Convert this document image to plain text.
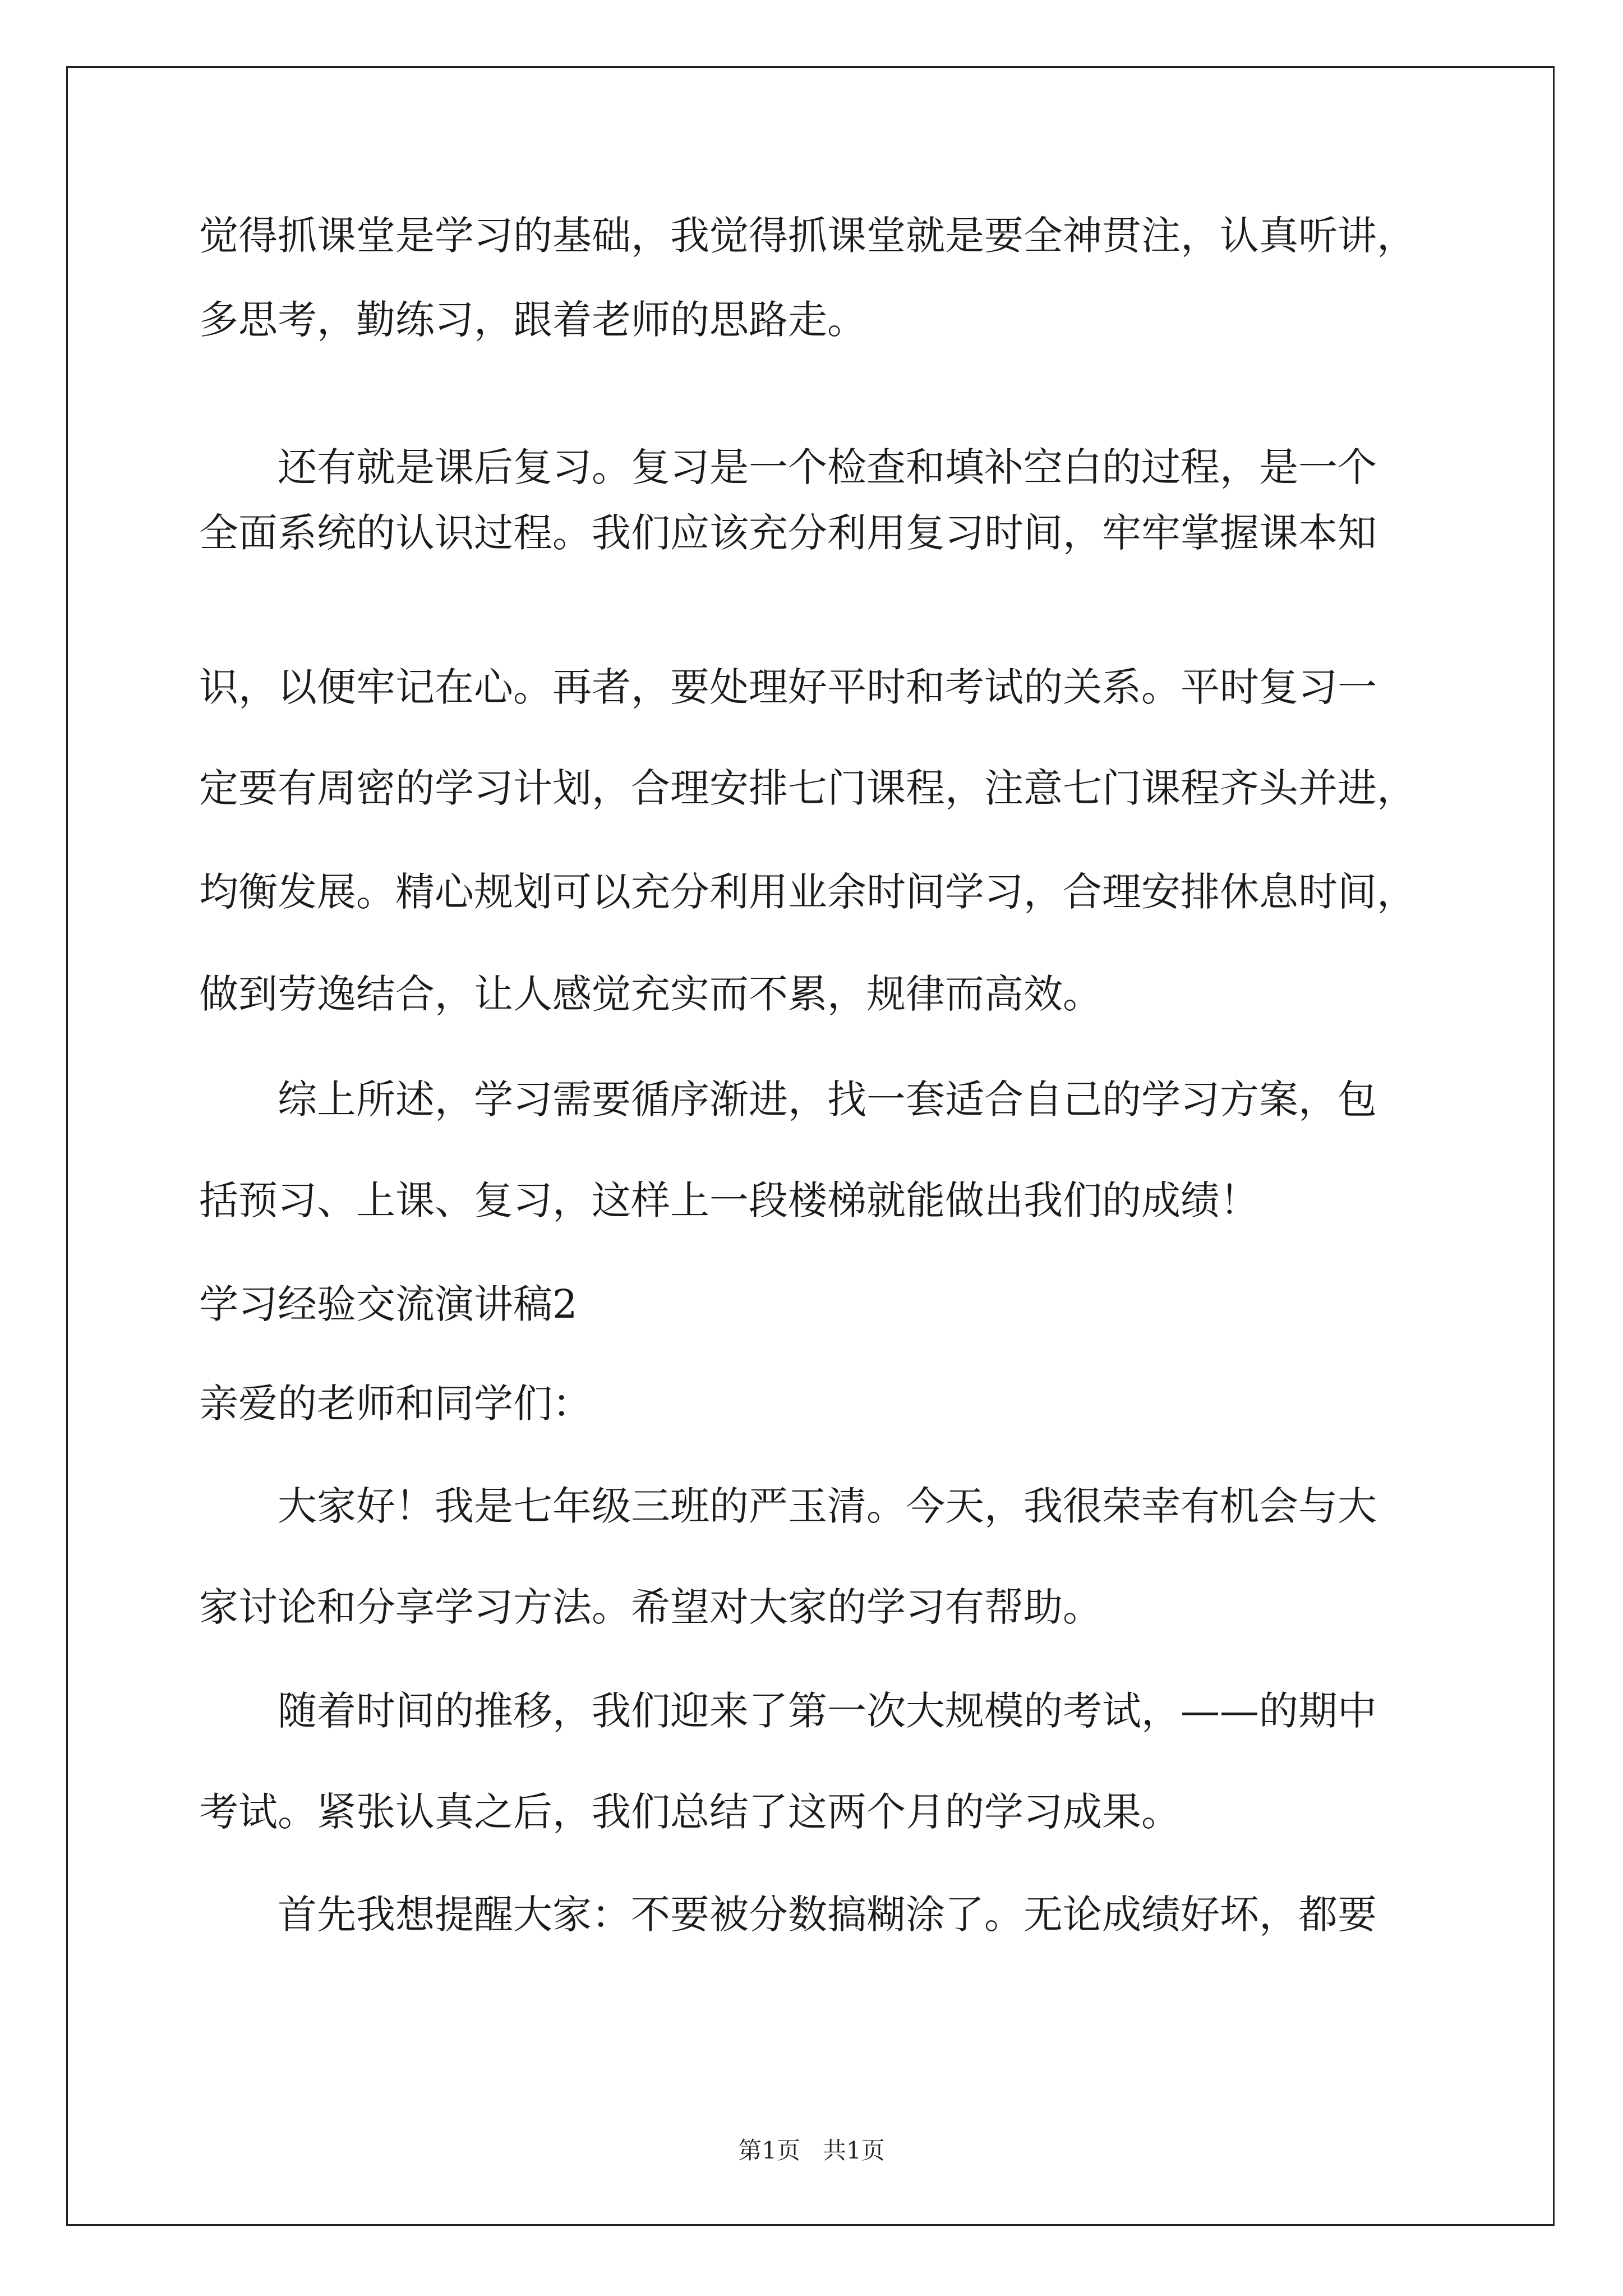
觉得抓课堂是学习的基础，我觉得抓课堂就是要全神贯注，认真听讲，
多思考，勤练习，跟着老师的思路走。
还有就是课后复习。复习是一个检查和填补空白的过程，是一个
全面系统的认识过程。我们应该充分利用复习时间，牢牢掌握课本知
识，以便牢记在心。再者，要处理好平时和考试的关系。平时复习一
定要有周密的学习计划，合理安排七门课程，注意七门课程齐头并进，
均衡发展。精心规划可以充分利用业余时间学习，合理安排休息时间，
做到劳逸结合，让人感觉充实而不累，规律而高效。
综上所述，学习需要循序渐进，找一套适合自己的学习方案，包
括预习、上课、复习，这样上一段楼梯就能做出我们的成绩！
学习经验交流演讲稿2
亲爱的老师和同学们：
大家好！我是七年级三班的严玉清。今天，我很荣幸有机会与大
家讨论和分享学习方法。希望对大家的学习有帮助。
随着时间的推移，我们迎来了第一次大规模的考试，——的期中
考试。紧张认真之后，我们总结了这两个月的学习成果。
首先我想提醒大家：不要被分数搞糊涂了。无论成绩好坏，都要
第1页   共1页
